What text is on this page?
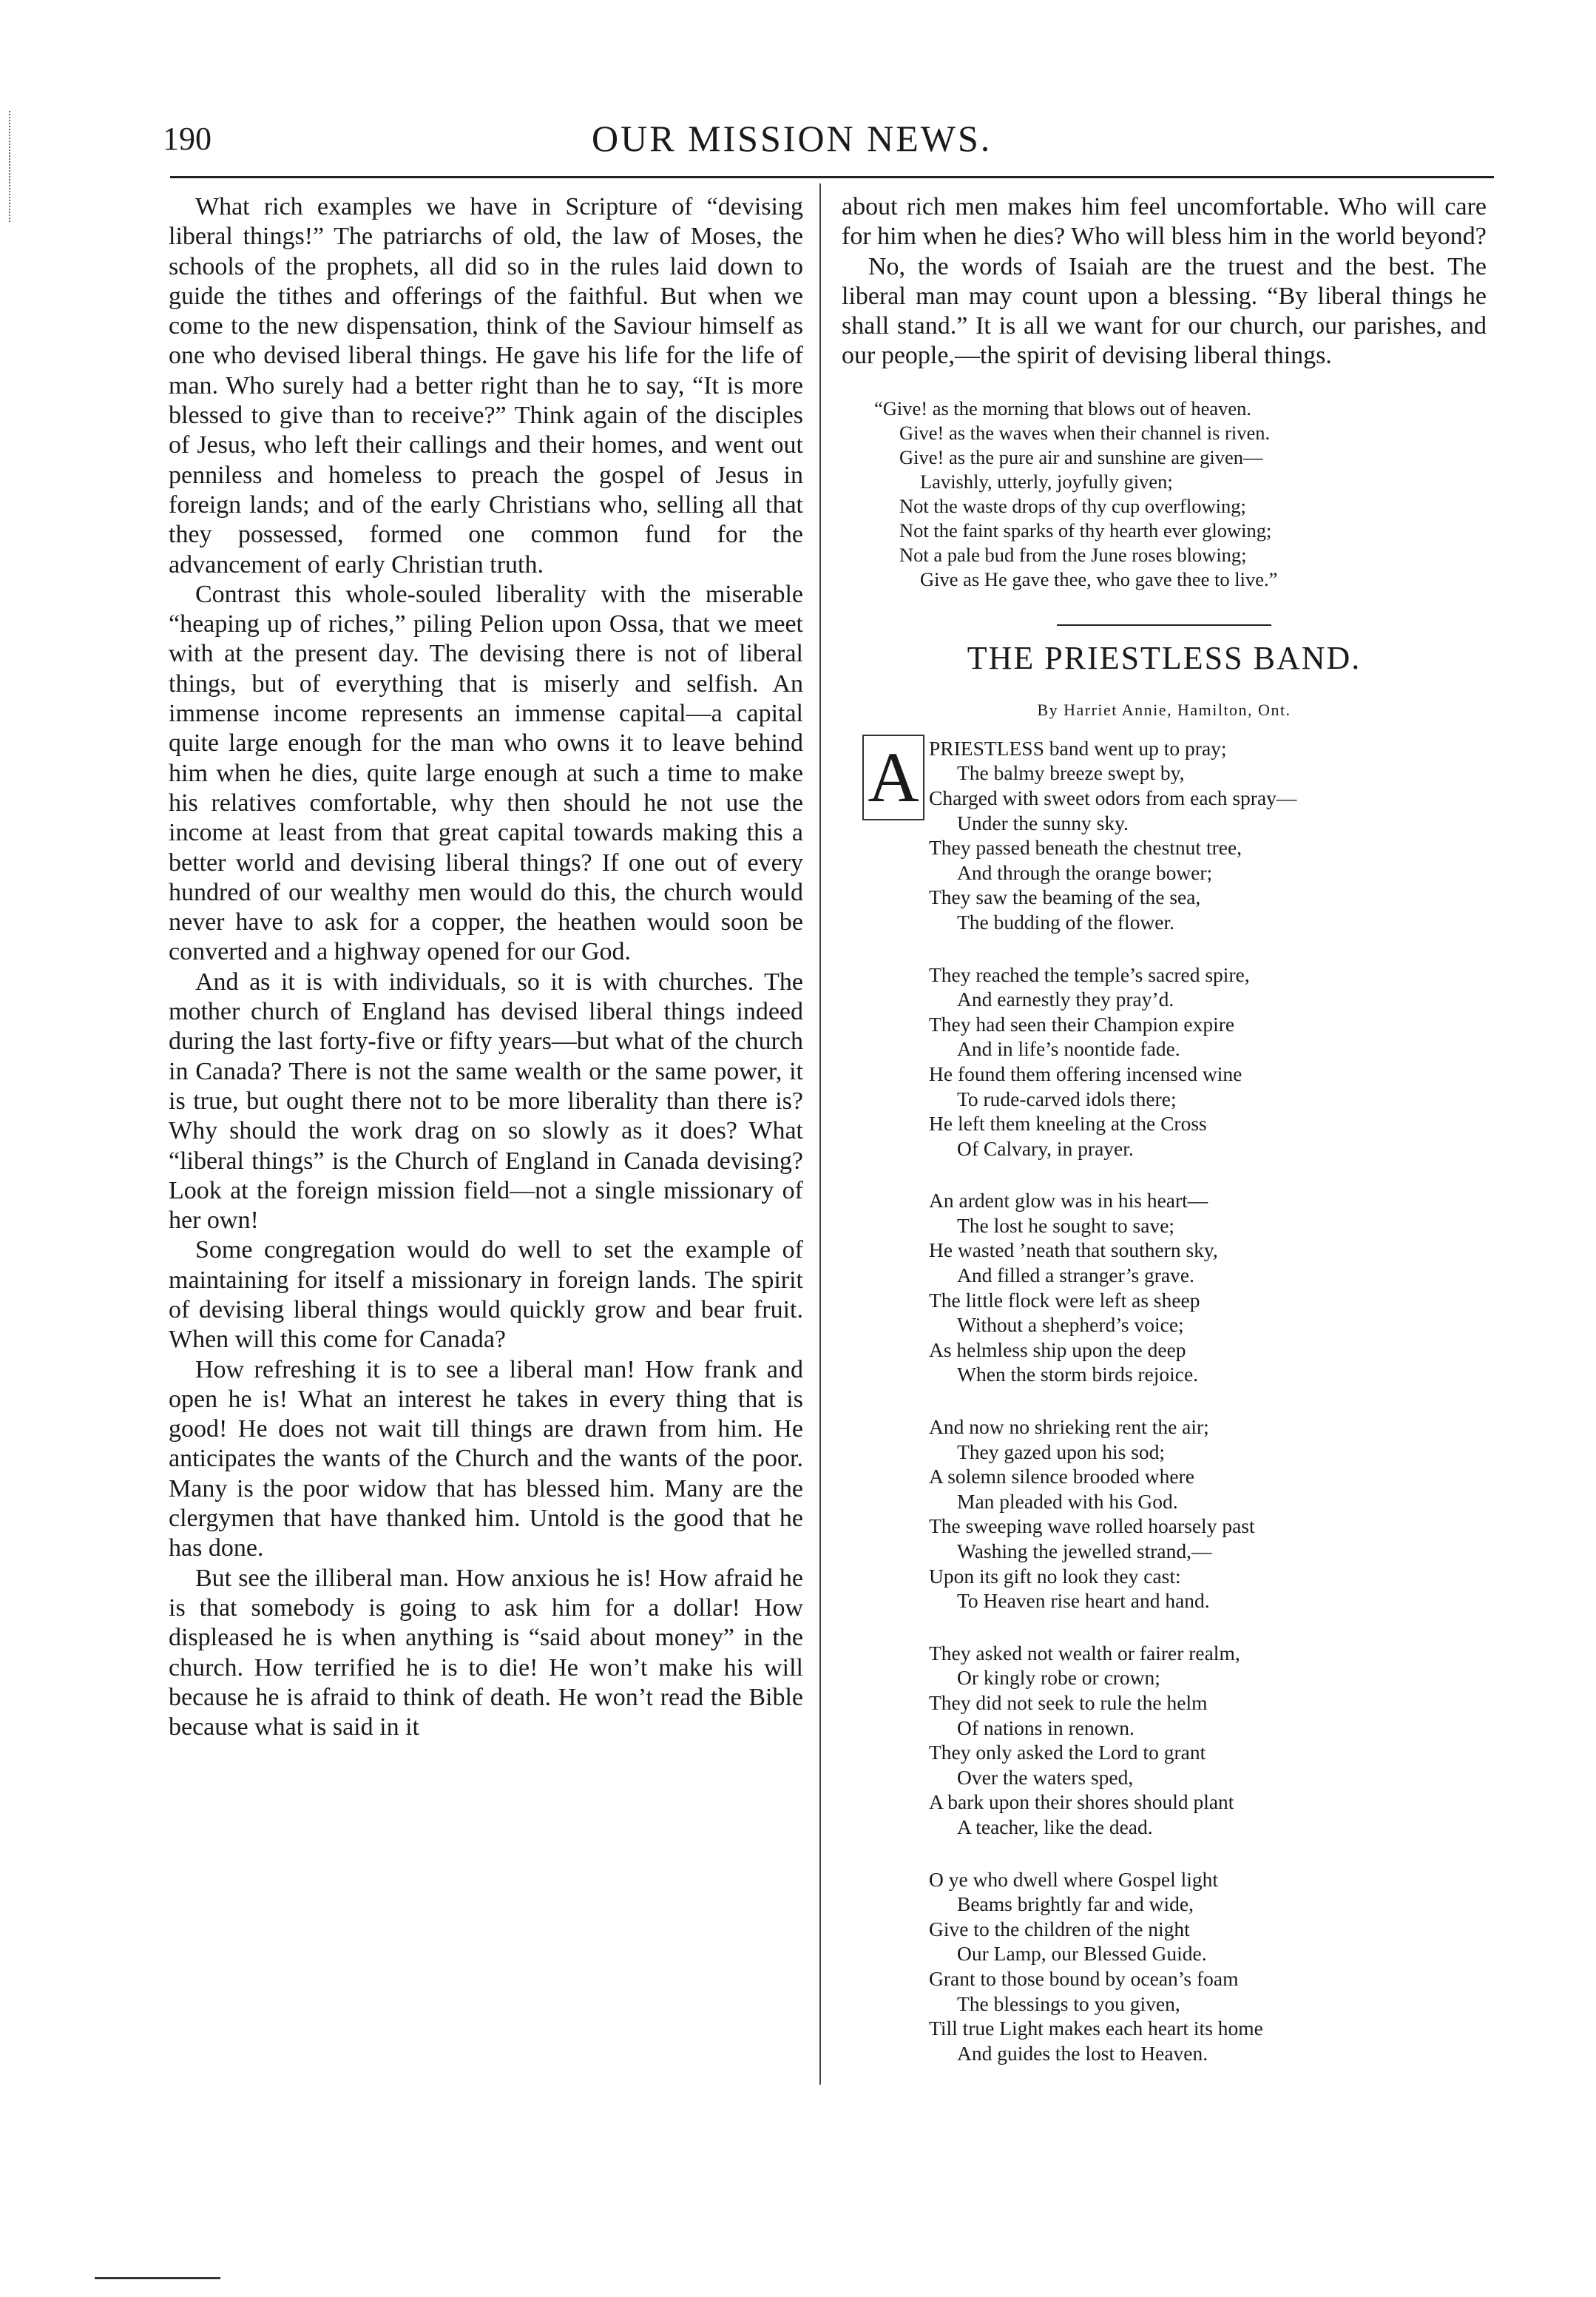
190	OUR MISSION NEWS.

What rich examples we have in Scripture of “devising liberal things!” The patriarchs of old, the law of Moses, the schools of the prophets, all did so in the rules laid down to guide the tithes and offerings of the faithful. But when we come to the new dispensation, think of the Saviour himself as one who devised liberal things. He gave his life for the life of man. Who surely had a better right than he to say, “It is more blessed to give than to receive?” Think again of the disciples of Jesus, who left their callings and their homes, and went out penniless and homeless to preach the gospel of Jesus in foreign lands; and of the early Christians who, selling all that they possessed, formed one common fund for the advancement of early Christian truth.

Contrast this whole-souled liberality with the miserable “heaping up of riches,” piling Pelion upon Ossa, that we meet with at the present day. The devising there is not of liberal things, but of everything that is miserly and selfish. An immense income represents an immense capital—a capital quite large enough for the man who owns it to leave behind him when he dies, quite large enough at such a time to make his relatives comfortable, why then should he not use the income at least from that great capital towards making this a better world and devising liberal things? If one out of every hundred of our wealthy men would do this, the church would never have to ask for a copper, the heathen would soon be converted and a highway opened for our God.

And as it is with individuals, so it is with churches. The mother church of England has devised liberal things indeed during the last forty-five or fifty years—but what of the church in Canada? There is not the same wealth or the same power, it is true, but ought there not to be more liberality than there is? Why should the work drag on so slowly as it does? What “liberal things” is the Church of England in Canada devising? Look at the foreign mission field—not a single missionary of her own!

Some congregation would do well to set the example of maintaining for itself a missionary in foreign lands. The spirit of devising liberal things would quickly grow and bear fruit. When will this come for Canada?

How refreshing it is to see a liberal man! How frank and open he is! What an interest he takes in every thing that is good! He does not wait till things are drawn from him. He anticipates the wants of the Church and the wants of the poor. Many is the poor widow that has blessed him. Many are the clergymen that have thanked him. Untold is the good that he has done.

But see the illiberal man. How anxious he is! How afraid he is that somebody is going to ask him for a dollar! How displeased he is when anything is “said about money” in the church. How terrified he is to die! He won’t make his will because he is afraid to think of death. He won’t read the Bible because what is said in it

about rich men makes him feel uncomfortable. Who will care for him when he dies? Who will bless him in the world beyond?

No, the words of Isaiah are the truest and the best. The liberal man may count upon a blessing. “By liberal things he shall stand.” It is all we want for our church, our parishes, and our people,—the spirit of devising liberal things.

“Give! as the morning that blows out of heaven.
Give! as the waves when their channel is riven.
Give! as the pure air and sunshine are given—
Lavishly, utterly, joyfully given;
Not the waste drops of thy cup overflowing;
Not the faint sparks of thy hearth ever glowing;
Not a pale bud from the June roses blowing;
Give as He gave thee, who gave thee to live.”
THE PRIESTLESS BAND.
By Harriet Annie, Hamilton, Ont.
A PRIESTLESS band went up to pray;
The balmy breeze swept by,
Charged with sweet odors from each spray—
Under the sunny sky.
They passed beneath the chestnut tree,
And through the orange bower;
They saw the beaming of the sea,
The budding of the flower.
They reached the temple’s sacred spire,
And earnestly they pray’d.
They had seen their Champion expire
And in life’s noontide fade.
He found them offering incensed wine
To rude-carved idols there;
He left them kneeling at the Cross
Of Calvary, in prayer.
An ardent glow was in his heart—
The lost he sought to save;
He wasted ’neath that southern sky,
And filled a stranger’s grave.
The little flock were left as sheep
Without a shepherd’s voice;
As helmless ship upon the deep
When the storm birds rejoice.
And now no shrieking rent the air;
They gazed upon his sod;
A solemn silence brooded where
Man pleaded with his God.
The sweeping wave rolled hoarsely past
Washing the jewelled strand,—
Upon its gift no look they cast:
To Heaven rise heart and hand.
They asked not wealth or fairer realm,
Or kingly robe or crown;
They did not seek to rule the helm
Of nations in renown.
They only asked the Lord to grant
Over the waters sped,
A bark upon their shores should plant
A teacher, like the dead.
O ye who dwell where Gospel light
Beams brightly far and wide,
Give to the children of the night
Our Lamp, our Blessed Guide.
Grant to those bound by ocean’s foam
The blessings to you given,
Till true Light makes each heart its home
And guides the lost to Heaven.
